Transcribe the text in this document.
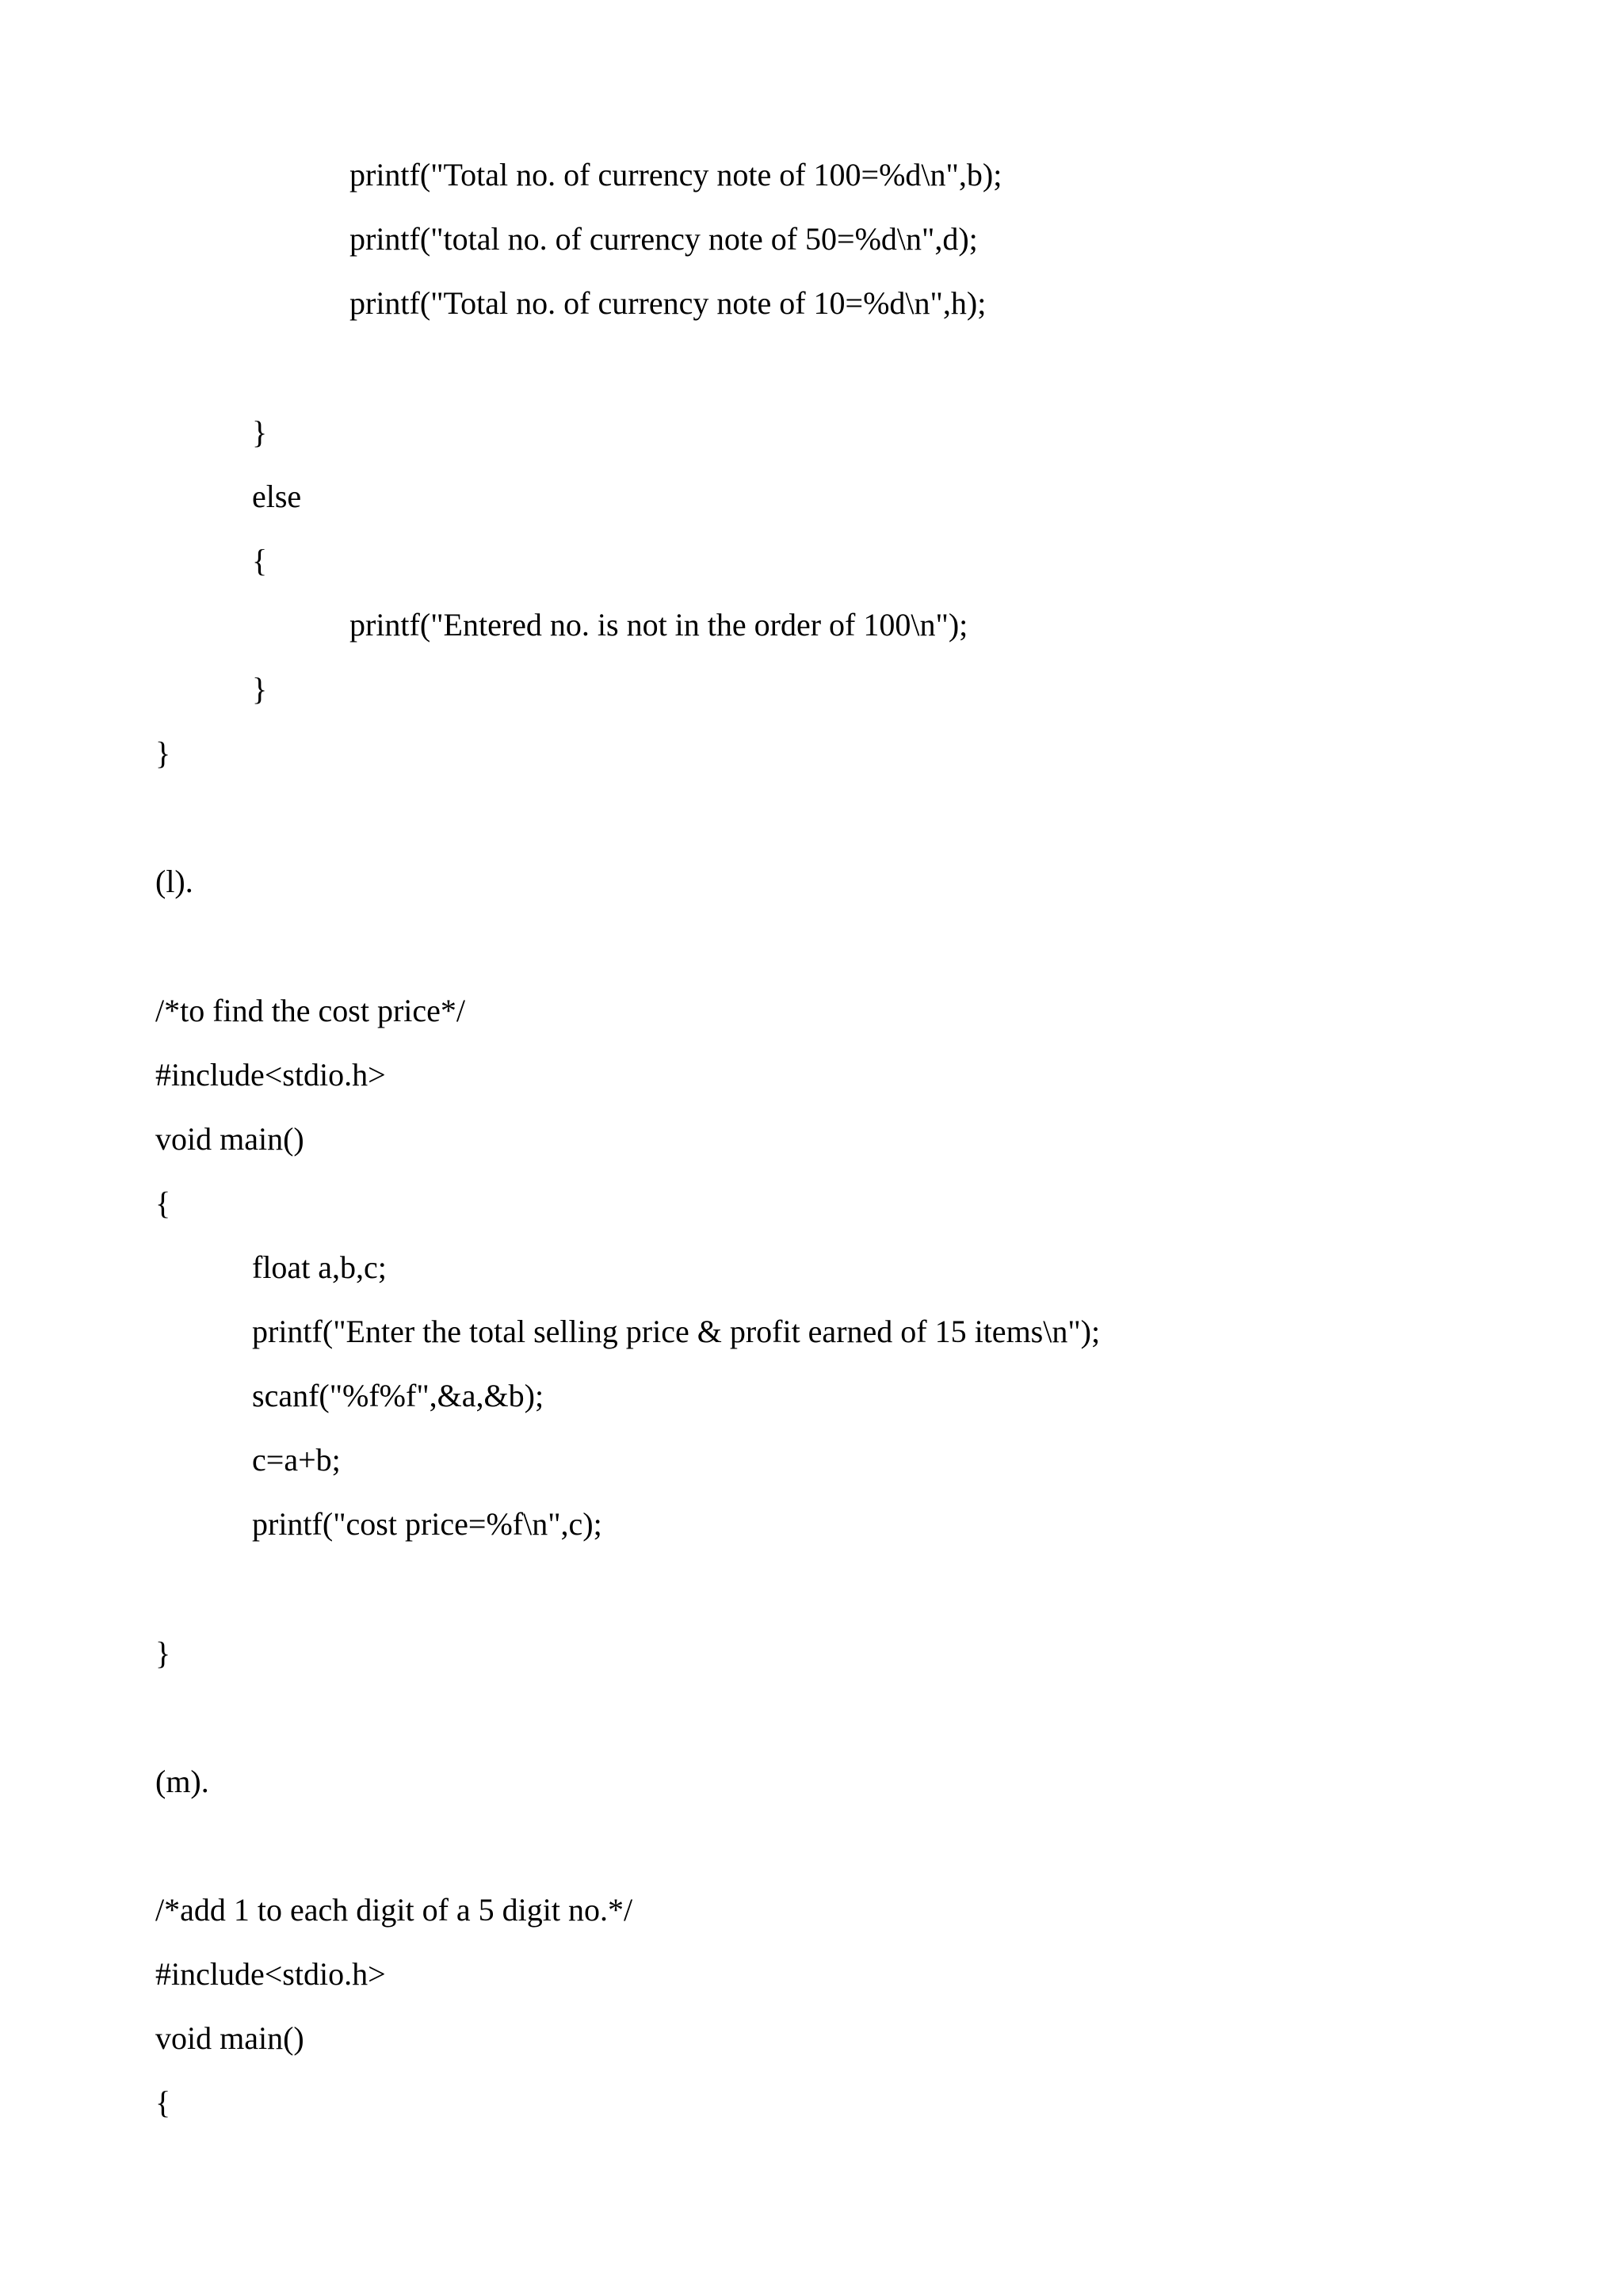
printf("Total no. of currency note of 100=%d\n",b);

printf("total no. of currency note of 50=%d\n",d);

printf("Total no. of currency note of 10=%d\n",h);

}

else

{

printf("Entered no. is not in the order of 100\n");

}

}

(l).

/*to find the cost price*/

#include<stdio.h>

void main()

{

float a,b,c;

printf("Enter the total selling price & profit earned of 15 items\n");

scanf("%f%f",&a,&b);

c=a+b;

printf("cost price=%f\n",c);

}

(m).

/*add 1 to each digit of a 5 digit no.*/

#include<stdio.h>

void main()

{
